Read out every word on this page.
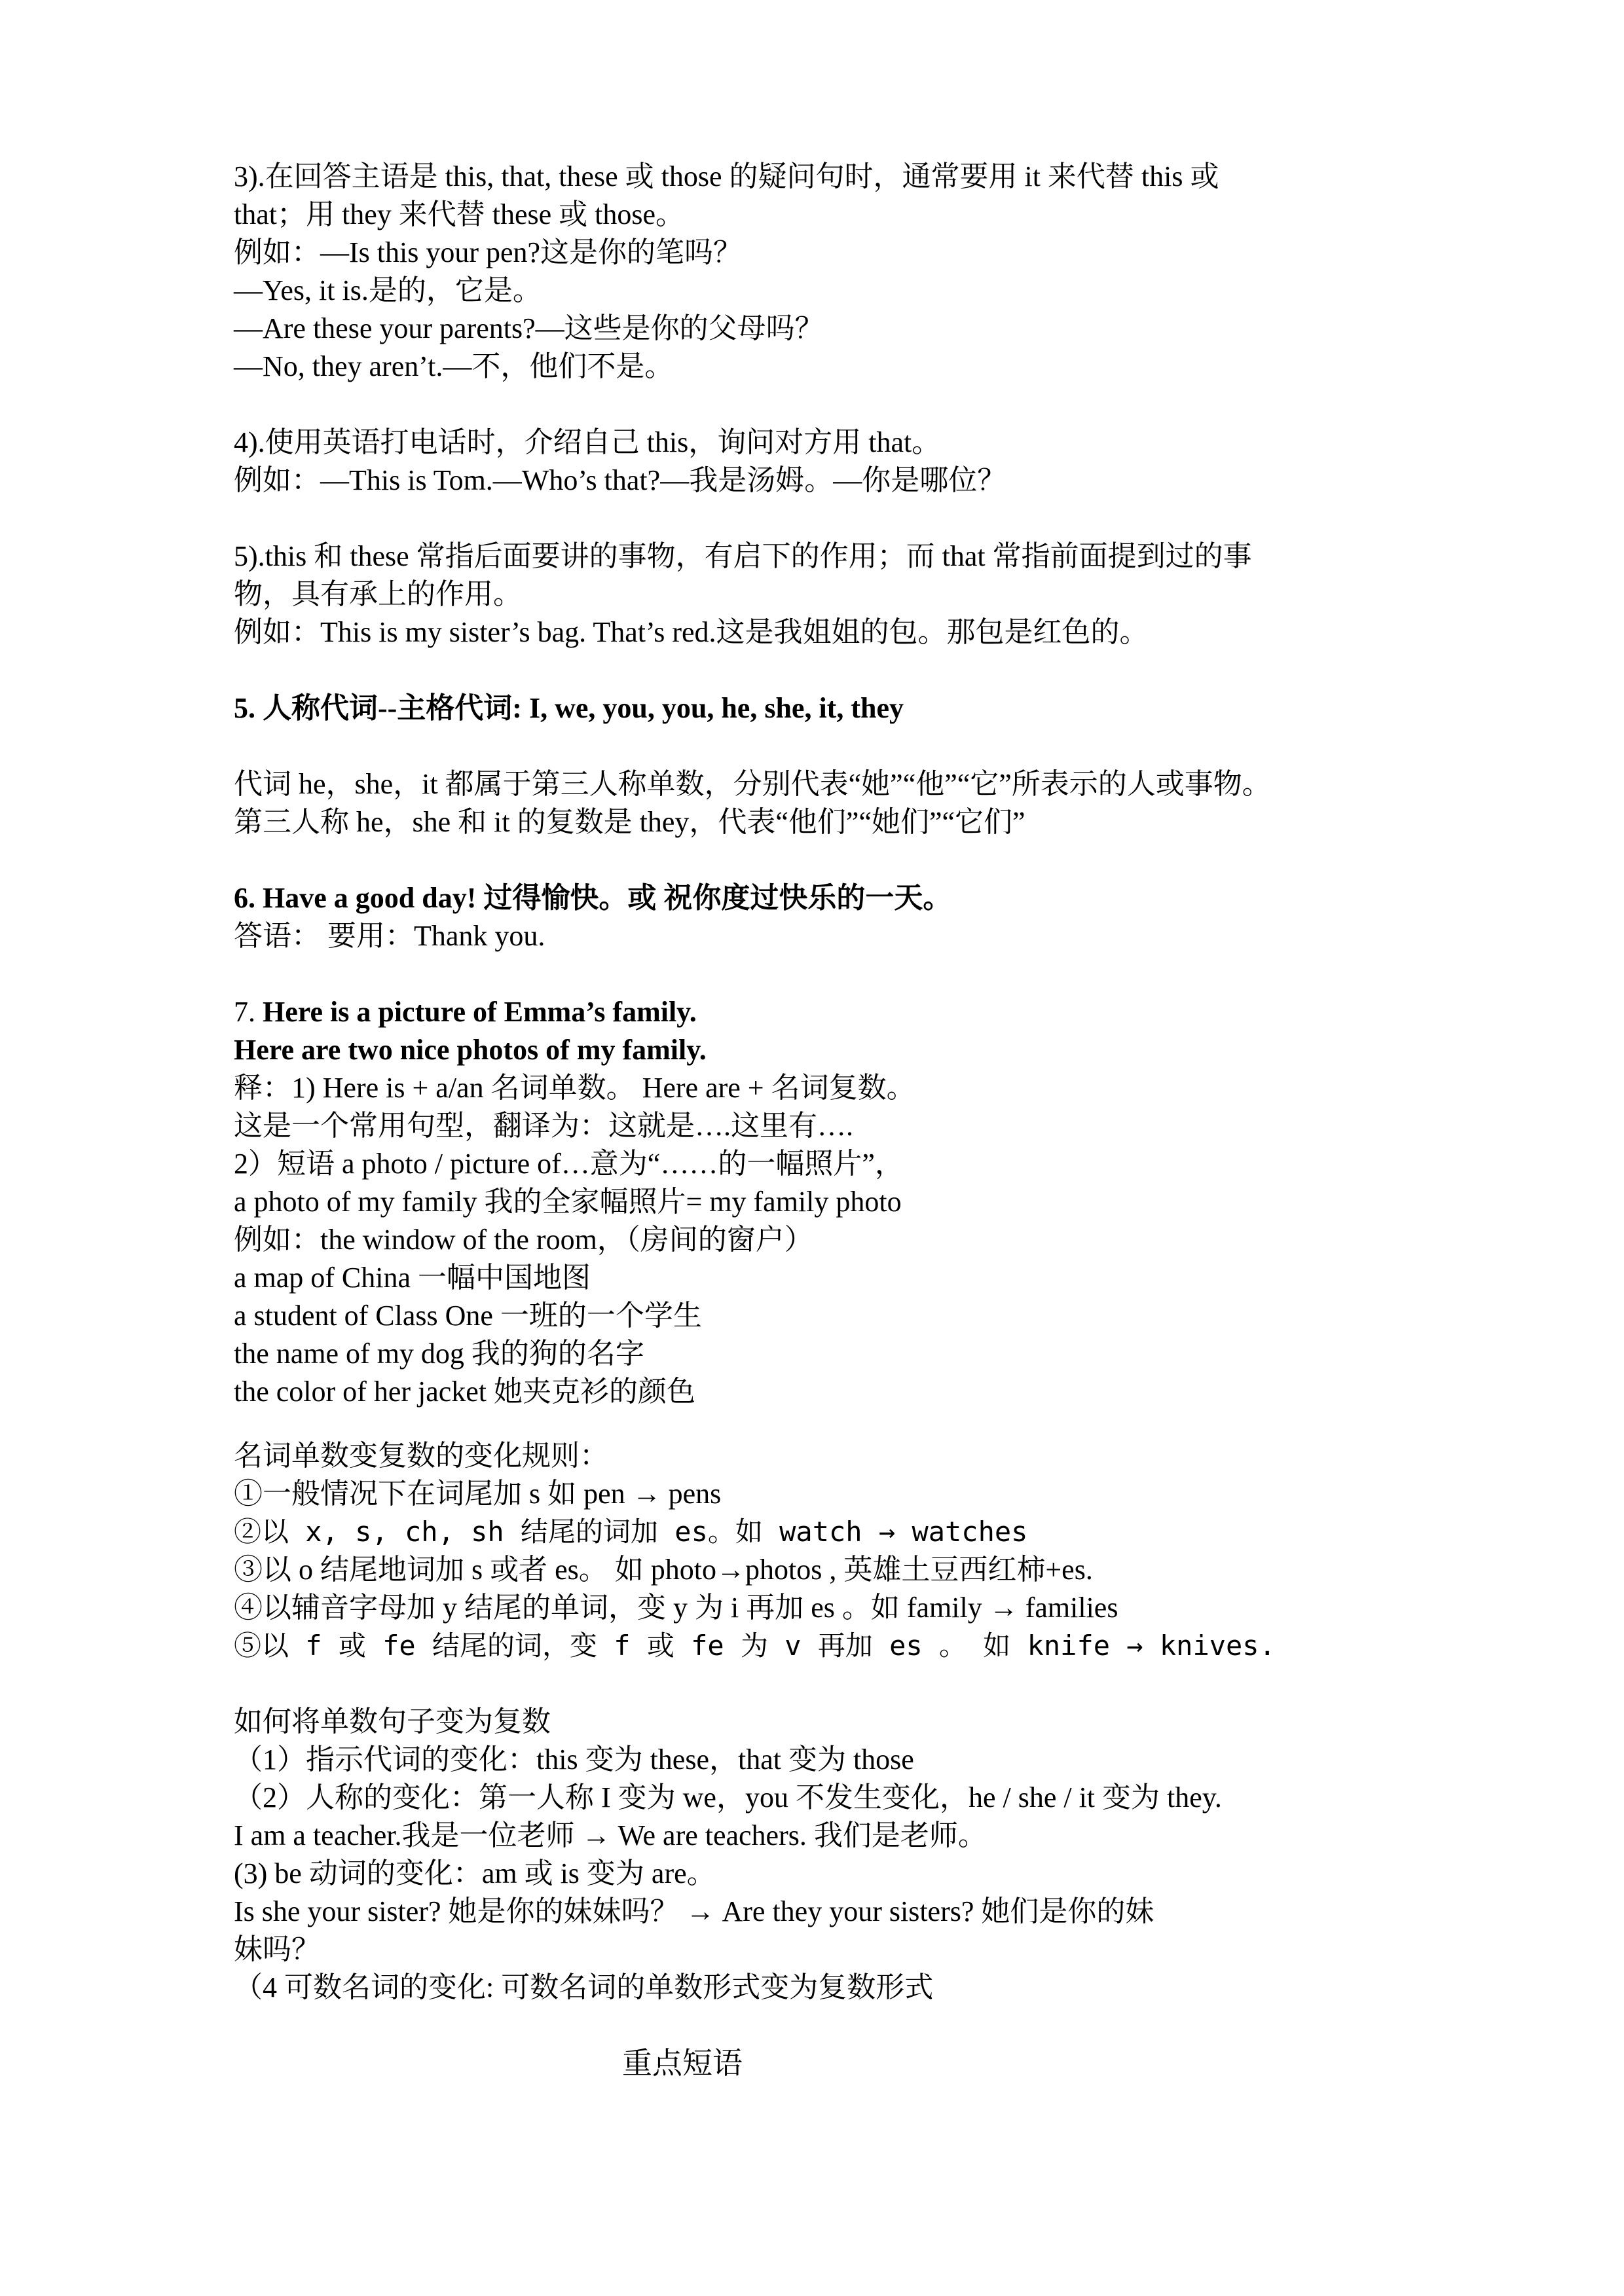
3).在回答主语是 this, that, these 或 those 的疑问句时，通常要用 it 来代替 this 或
that；用 they 来代替 these 或 those。
例如：—Is this your pen?这是你的笔吗？
—Yes, it is.是的，它是。
—Are these your parents?—这些是你的父母吗？
—No, they aren’t.—不，他们不是。
4).使用英语打电话时，介绍自己 this，询问对方用 that。
例如：—This is Tom.—Who’s that?—我是汤姆。—你是哪位？
5).this 和 these 常指后面要讲的事物，有启下的作用；而 that 常指前面提到过的事
物，具有承上的作用。
例如：This is my sister’s bag. That’s red.这是我姐姐的包。那包是红色的。
5. 人称代词--主格代词: I, we, you, you, he, she, it, they
代词 he，she，it 都属于第三人称单数，分别代表“她”“他”“它”所表示的人或事物。
第三人称 he，she 和 it 的复数是 they，代表“他们”“她们”“它们”
6. Have a good day! 过得愉快。或 祝你度过快乐的一天。
答语： 要用：Thank you.
7. Here is a picture of Emma’s family.
Here are two nice photos of my family.
释：1) Here is + a/an 名词单数。 Here are + 名词复数。
这是一个常用句型，翻译为：这就是….这里有….
2）短语 a photo / picture of…意为“……的一幅照片”，
a photo of my family 我的全家幅照片= my family photo
例如：the window of the room，（房间的窗户）
a map of China 一幅中国地图
a student of Class One 一班的一个学生
the name of my dog 我的狗的名字
the color of her jacket 她夹克衫的颜色
名词单数变复数的变化规则：
①一般情况下在词尾加 s 如 pen → pens
②以 x, s, ch, sh 结尾的词加 es。如 watch → watches
③以 o 结尾地词加 s 或者 es。 如 photo→photos , 英雄土豆西红柿+es.
④以辅音字母加 y 结尾的单词，变 y 为 i 再加 es 。如 family → families
⑤以 f 或 fe 结尾的词，变 f 或 fe 为 v 再加 es 。 如 knife → knives.
如何将单数句子变为复数
（1）指示代词的变化：this 变为 these，that 变为 those
（2）人称的变化：第一人称 I 变为 we，you 不发生变化，he / she / it 变为 they.
I am a teacher.我是一位老师 → We are teachers. 我们是老师。
(3) be 动词的变化：am 或 is 变为 are。
Is she your sister? 她是你的妹妹吗？ → Are they your sisters? 她们是你的妹
妹吗？
（4 可数名词的变化: 可数名词的单数形式变为复数形式
重点短语
